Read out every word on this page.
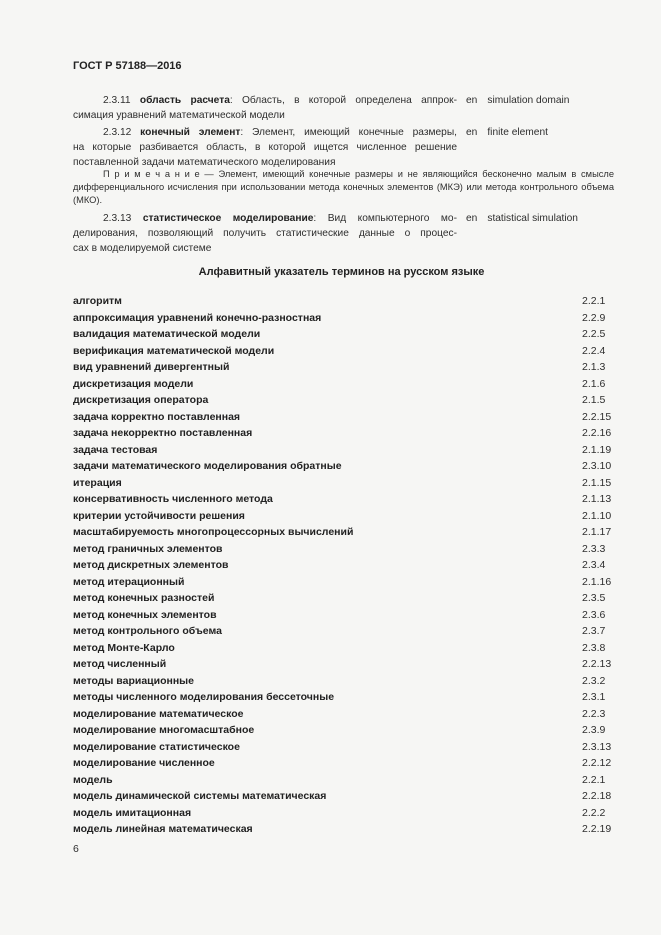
ГОСТ Р 57188—2016
2.3.11 область расчета: Область, в которой определена аппрок-
симация уравнений математической модели
en simulation domain
2.3.12 конечный элемент: Элемент, имеющий конечные размеры,
на которые разбивается область, в которой ищется численное решение
поставленной задачи математического моделирования
en finite element
П р и м е ч а н и е — Элемент, имеющий конечные размеры и не являющийся бесконечно малым в смысле дифференциального исчисления при использовании метода конечных элементов (МКЭ) или метода контрольного объема (МКО).
2.3.13 статистическое моделирование: Вид компьютерного мо-
делирования, позволяющий получить статистические данные о процес-
сах в моделируемой системе
en statistical simulation
Алфавитный указатель терминов на русском языке
алгоритм	2.2.1
аппроксимация уравнений конечно-разностная	2.2.9
валидация математической модели	2.2.5
верификация математической модели	2.2.4
вид уравнений дивергентный	2.1.3
дискретизация модели	2.1.6
дискретизация оператора	2.1.5
задача корректно поставленная	2.2.15
задача некорректно поставленная	2.2.16
задача тестовая	2.1.19
задачи математического моделирования обратные	2.3.10
итерация	2.1.15
консервативность численного метода	2.1.13
критерии устойчивости решения	2.1.10
масштабируемость многопроцессорных вычислений	2.1.17
метод граничных элементов	2.3.3
метод дискретных элементов	2.3.4
метод итерационный	2.1.16
метод конечных разностей	2.3.5
метод конечных элементов	2.3.6
метод контрольного объема	2.3.7
метод Монте-Карло	2.3.8
метод численный	2.2.13
методы вариационные	2.3.2
методы численного моделирования бессеточные	2.3.1
моделирование математическое	2.2.3
моделирование многомасштабное	2.3.9
моделирование статистическое	2.3.13
моделирование численное	2.2.12
модель	2.2.1
модель динамической системы математическая	2.2.18
модель имитационная	2.2.2
модель линейная математическая	2.2.19
6
